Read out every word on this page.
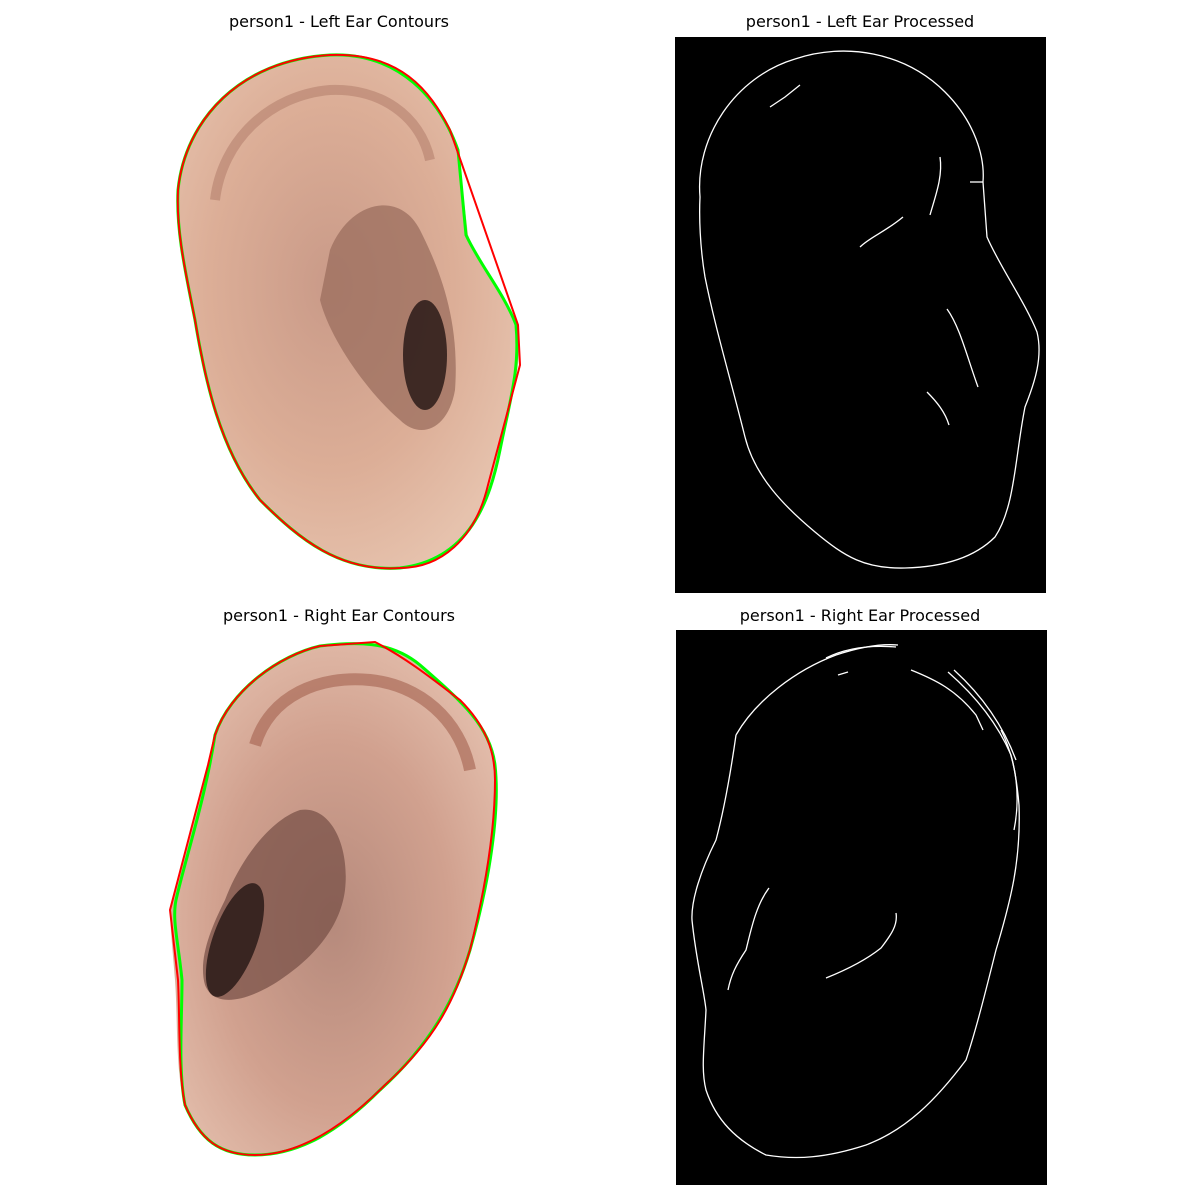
person1 - Left Ear Contours	person1 - Left Ear Processed
person1 - Right Ear Contours	person1 - Right Ear Processed
